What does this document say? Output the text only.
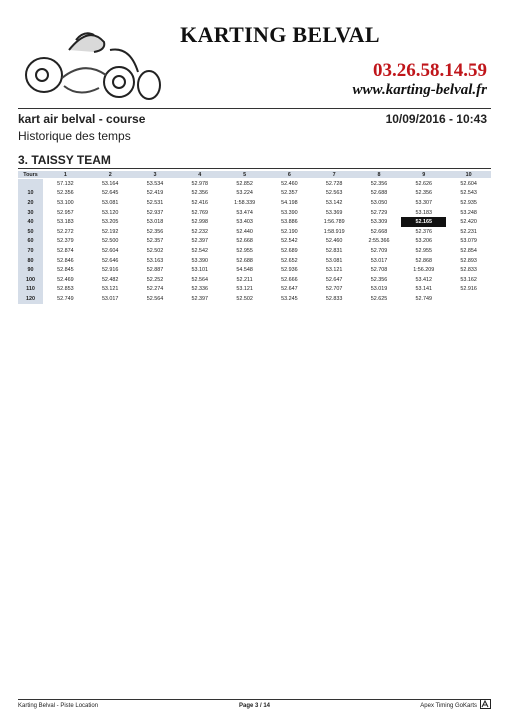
KARTING BELVAL
03.26.58.14.59
www.karting-belval.fr
kart air belval - course	10/09/2016 - 10:43
Historique des temps
3. TAISSY TEAM
Tours	1	2	3	4	5	6	7	8	9	10
	57.132	53.164	53.534	52.978	52.852	52.460	52.728	52.356	52.626	52.604
10	52.356	52.645	52.419	52.356	53.224	52.357	52.563	52.688	52.356	52.543
20	53.100	53.081	52.531	52.416	1:58.339	54.198	53.142	53.050	53.307	52.935
30	52.957	53.120	52.937	52.769	53.474	53.390	53.369	52.729	53.183	53.248
40	53.183	53.205	53.018	52.998	53.403	53.886	1:56.789	53.309	52.165	52.420
50	52.272	52.192	52.356	52.232	52.440	52.190	1:58.919	52.668	52.376	52.231
60	52.379	52.500	52.357	52.397	52.668	52.542	52.460	2:55.366	53.206	53.079
70	52.874	52.604	52.502	52.542	52.955	52.689	52.831	52.709	52.955	52.854
80	52.846	52.646	53.163	53.390	52.688	52.652	53.081	53.017	52.868	52.893
90	52.845	52.916	52.887	53.101	54.548	52.936	53.121	52.708	1:56.209	52.833
100	52.469	52.482	52.252	52.564	52.211	52.666	52.647	52.356	53.412	53.162
110	52.853	53.121	52.274	52.336	53.121	52.647	52.707	53.019	53.141	52.916
120	52.749	53.017	52.564	52.397	52.502	53.245	52.833	52.625	52.749	
Karting Belval - Piste Location	Page 3 / 14	Apex Timing GoKarts
